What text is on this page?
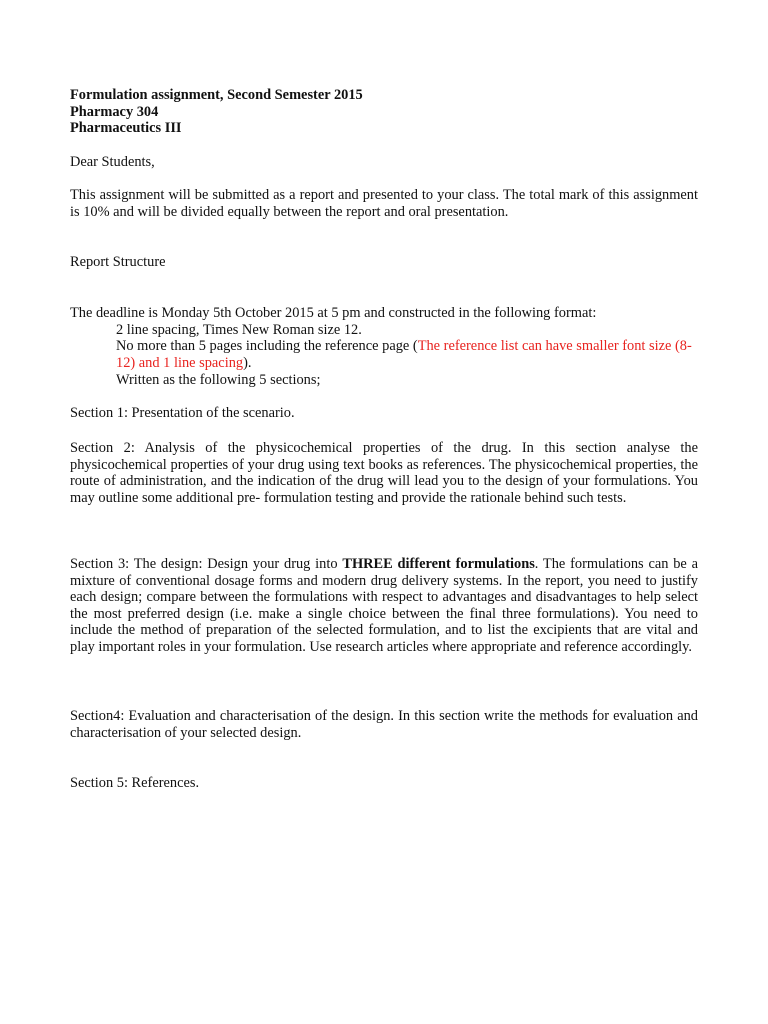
Formulation assignment, Second Semester 2015
Pharmacy 304
Pharmaceutics III

Dear Students,

This assignment will be submitted as a report and presented to your class. The total mark of this assignment is 10% and will be divided equally between the report and oral presentation.

Report Structure

The deadline is Monday 5th October 2015 at 5 pm and constructed in the following format:

2 line spacing, Times New Roman size 12.

No more than 5 pages including the reference page (The reference list can have smaller font size (8-12) and 1 line spacing).

Written as the following 5 sections;

Section 1: Presentation of the scenario.

Section 2: Analysis of the physicochemical properties of the drug. In this section analyse the physicochemical properties of your drug using text books as references. The physicochemical properties, the route of administration, and the indication of the drug will lead you to the design of your formulations. You may outline some additional pre- formulation testing and provide the rationale behind such tests.

Section 3: The design: Design your drug into THREE different formulations. The formulations can be a mixture of conventional dosage forms and modern drug delivery systems. In the report, you need to justify each design; compare between the formulations with respect to advantages and disadvantages to help select the most preferred design (i.e. make a single choice between the final three formulations). You need to include the method of preparation of the selected formulation, and to list the excipients that are vital and play important roles in your formulation. Use research articles where appropriate and reference accordingly.

Section4: Evaluation and characterisation of the design. In this section write the methods for evaluation and characterisation of your selected design.

Section 5: References.
